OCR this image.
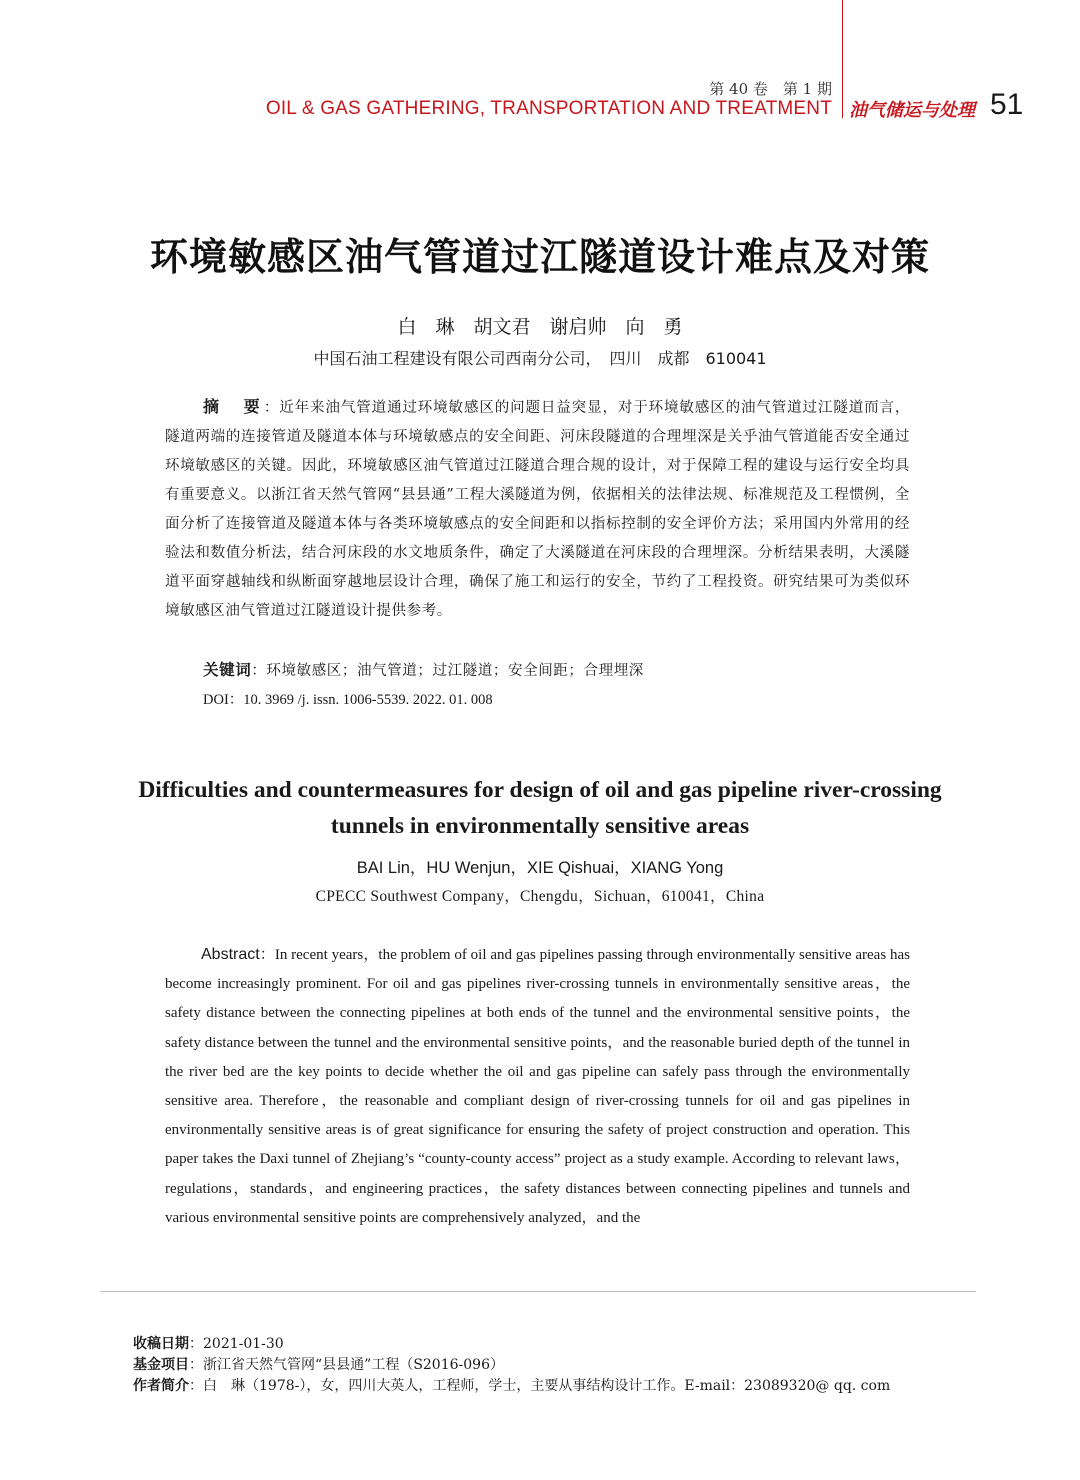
第 40 卷　第 1 期
OIL & GAS GATHERING, TRANSPORTATION AND TREATMENT 油气储运与处理 51
环境敏感区油气管道过江隧道设计难点及对策
白　琳　胡文君　谢启帅　向　勇
中国石油工程建设有限公司西南分公司，　四川　成都　610041
摘　要：近年来油气管道通过环境敏感区的问题日益突显，对于环境敏感区的油气管道过江隧道而言，隧道两端的连接管道及隧道本体与环境敏感点的安全间距、河床段隧道的合理埋深是关乎油气管道能否安全通过环境敏感区的关键。因此，环境敏感区油气管道过江隧道合理合规的设计，对于保障工程的建设与运行安全均具有重要意义。以浙江省天然气管网“县县通”工程大溪隧道为例，依据相关的法律法规、标准规范及工程惯例，全面分析了连接管道及隧道本体与各类环境敏感点的安全间距和以指标控制的安全评价方法；采用国内外常用的经验法和数值分析法，结合河床段的水文地质条件，确定了大溪隧道在河床段的合理埋深。分析结果表明，大溪隧道平面穿越轴线和纵断面穿越地层设计合理，确保了施工和运行的安全，节约了工程投资。研究结果可为类似环境敏感区油气管道过江隧道设计提供参考。
关键词：环境敏感区；油气管道；过江隧道；安全间距；合理埋深
DOI：10. 3969 /j. issn. 1006-5539. 2022. 01. 008
Difficulties and countermeasures for design of oil and gas pipeline river-crossing
tunnels in environmentally sensitive areas
BAI Lin，HU Wenjun，XIE Qishuai，XIANG Yong
CPECC Southwest Company，Chengdu，Sichuan，610041，China
Abstract：In recent years，the problem of oil and gas pipelines passing through environmentally sensitive areas has become increasingly prominent. For oil and gas pipelines river-crossing tunnels in environmentally sensitive areas，the safety distance between the connecting pipelines at both ends of the tunnel and the environmental sensitive points，the safety distance between the tunnel and the environmental sensitive points，and the reasonable buried depth of the tunnel in the river bed are the key points to decide whether the oil and gas pipeline can safely pass through the environmentally sensitive area. Therefore，the reasonable and compliant design of river-crossing tunnels for oil and gas pipelines in environmentally sensitive areas is of great significance for ensuring the safety of project construction and operation. This paper takes the Daxi tunnel of Zhejiang’s “county-county access” project as a study example. According to relevant laws，regulations，standards，and engineering practices，the safety distances between connecting pipelines and tunnels and various environmental sensitive points are comprehensively analyzed，and the
收稿日期：2021-01-30
基金项目：浙江省天然气管网“县县通”工程（S2016-096）
作者简介：白　琳（1978-），女，四川大英人，工程师，学士，主要从事结构设计工作。E-mail：23089320@ qq. com
